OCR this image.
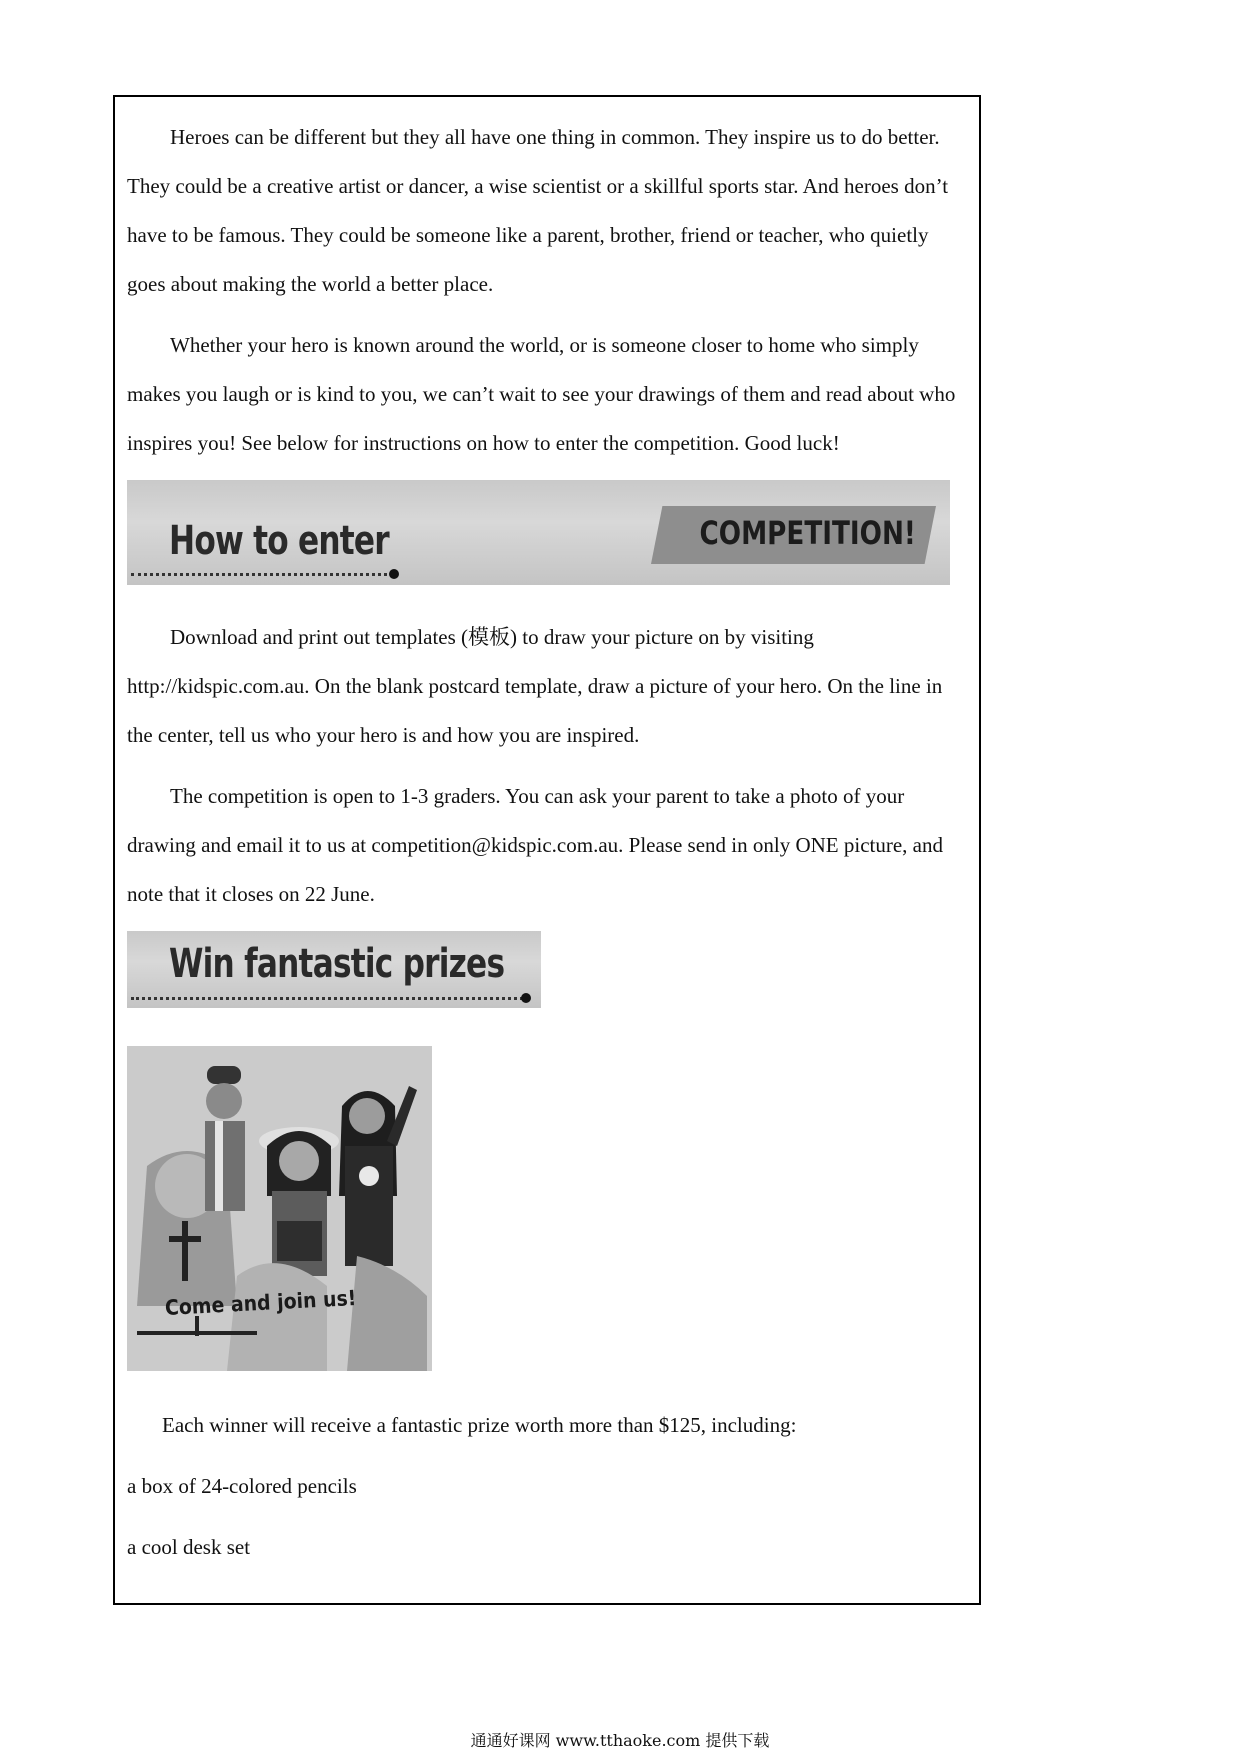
Heroes can be different but they all have one thing in common. They inspire us to do better. They could be a creative artist or dancer, a wise scientist or a skillful sports star. And heroes don’t have to be famous. They could be someone like a parent, brother, friend or teacher, who quietly goes about making the world a better place.

Whether your hero is known around the world, or is someone closer to home who simply makes you laugh or is kind to you, we can’t wait to see your drawings of them and read about who inspires you! See below for instructions on how to enter the competition. Good luck!

How to enter	COMPETITION!

Download and print out templates (模板) to draw your picture on by visiting http://kidspic.com.au. On the blank postcard template, draw a picture of your hero. On the line in the center, tell us who your hero is and how you are inspired.

The competition is open to 1-3 graders. You can ask your parent to take a photo of your drawing and email it to us at competition@kidspic.com.au. Please send in only ONE picture, and note that it closes on 22 June.

Win fantastic prizes
Come and join us!

Each winner will receive a fantastic prize worth more than $125, including:

a box of 24-colored pencils

a cool desk set

通通好课网 www.tthaoke.com 提供下载
